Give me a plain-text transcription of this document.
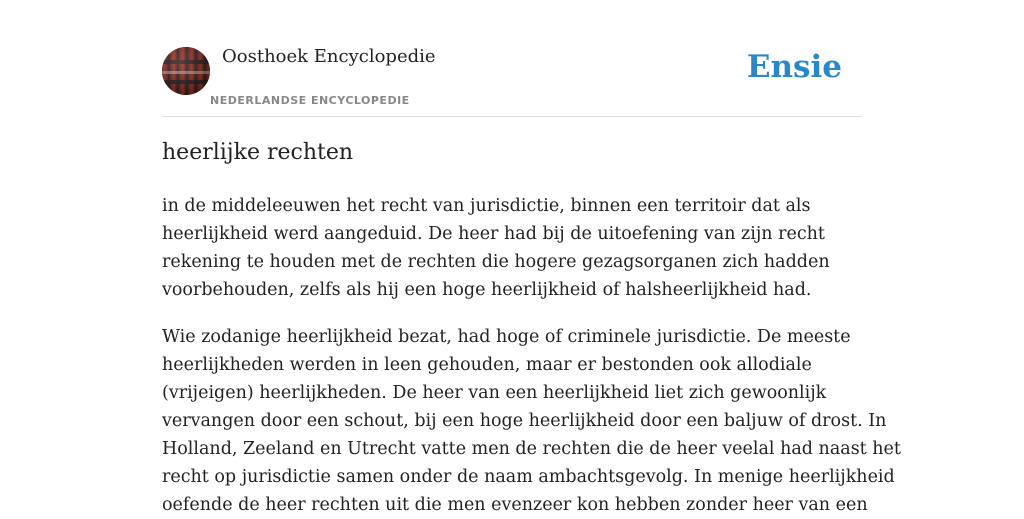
Oosthoek Encyclopedie
NEDERLANDSE ENCYCLOPEDIE
Ensie
heerlijke rechten

in de middeleeuwen het recht van jurisdictie, binnen een territoir dat als
heerlijkheid werd aangeduid. De heer had bij de uitoefening van zijn recht
rekening te houden met de rechten die hogere gezagsorganen zich hadden
voorbehouden, zelfs als hij een hoge heerlijkheid of halsheerlijkheid had.

Wie zodanige heerlijkheid bezat, had hoge of criminele jurisdictie. De meeste
heerlijkheden werden in leen gehouden, maar er bestonden ook allodiale
(vrijeigen) heerlijkheden. De heer van een heerlijkheid liet zich gewoonlijk
vervangen door een schout, bij een hoge heerlijkheid door een baljuw of drost. In
Holland, Zeeland en Utrecht vatte men de rechten die de heer veelal had naast het
recht op jurisdictie samen onder de naam ambachtsgevolg. In menige heerlijkheid
oefende de heer rechten uit die men evenzeer kon hebben zonder heer van een
